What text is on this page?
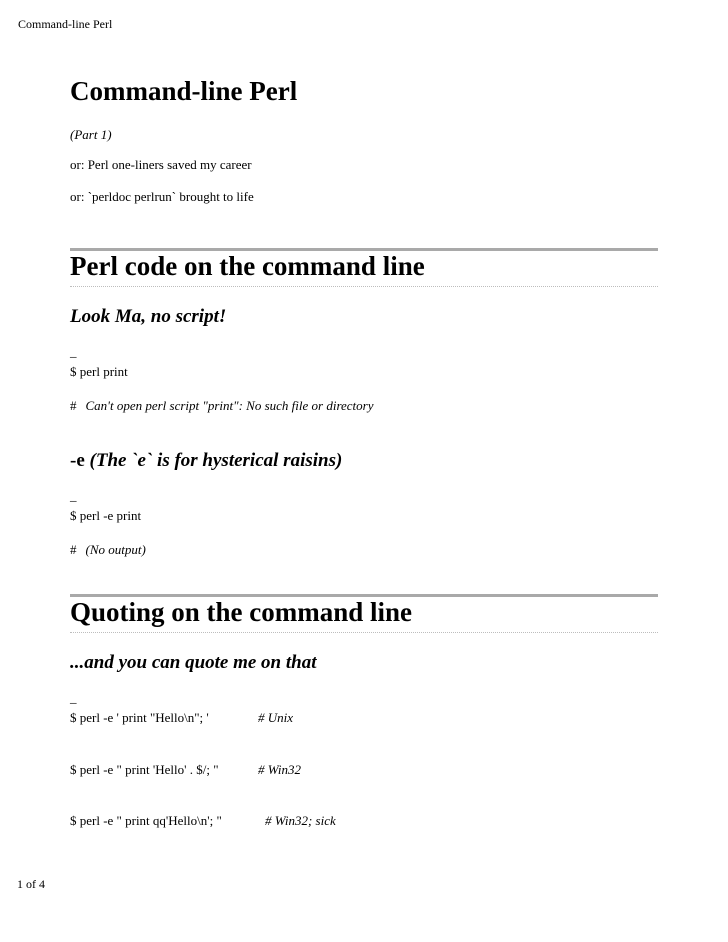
Command-line Perl
Command-line Perl
(Part 1)
or: Perl one-liners saved my career
or: `perldoc perlrun` brought to life
Perl code on the command line
Look Ma, no script!
_
$ perl print
# Can't open perl script "print": No such file or directory
-e (The `e` is for hysterical raisins)
_
$ perl -e print
# (No output)
Quoting on the command line
...and you can quote me on that
_
$ perl -e ' print "Hello\n"; '	# Unix
$ perl -e " print 'Hello' . $/; "	# Win32
$ perl -e " print qq'Hello\n'; "	# Win32; sick
1 of 4
